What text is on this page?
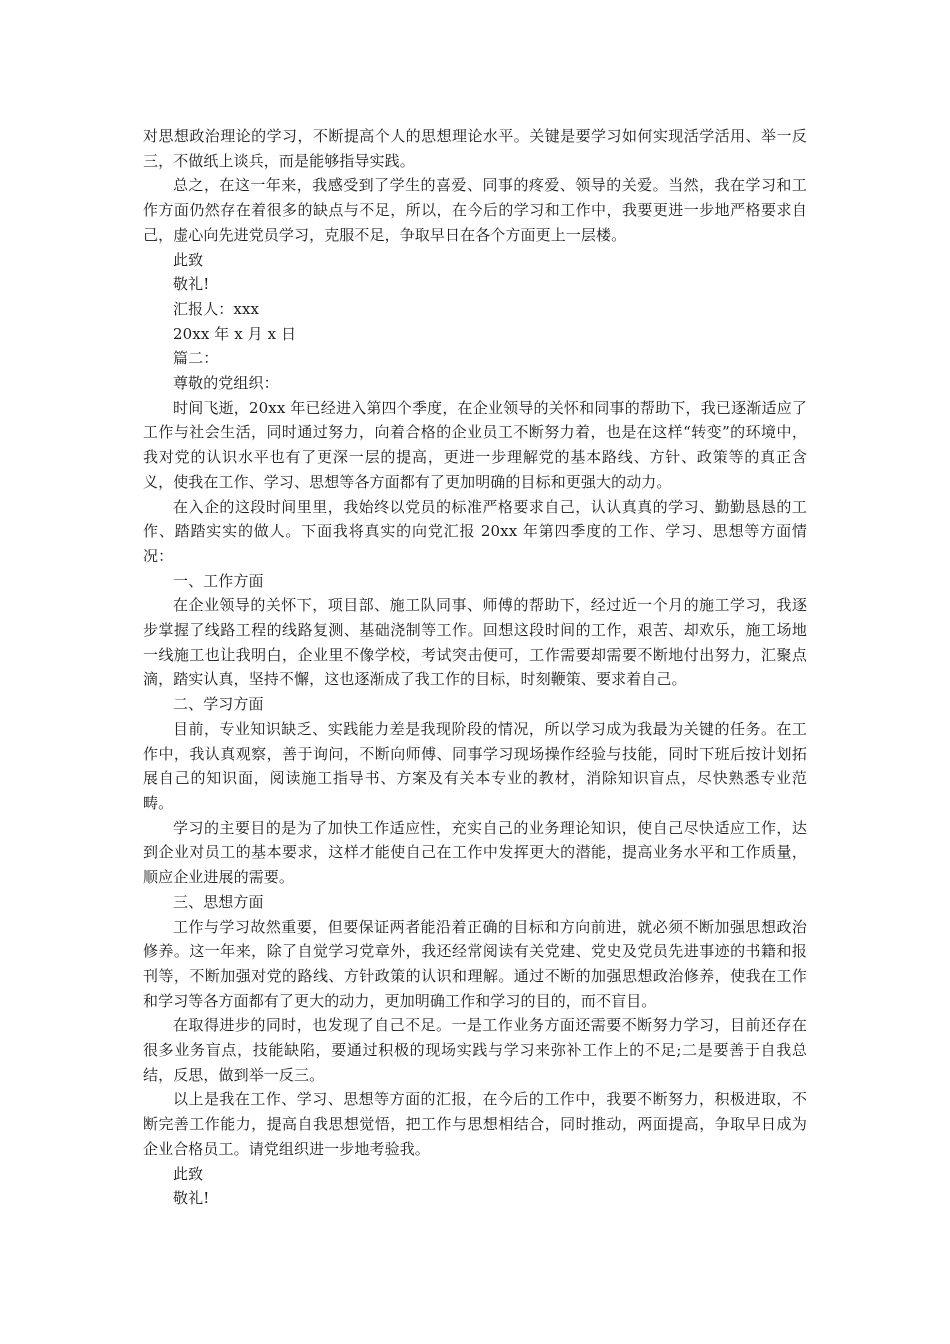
对思想政治理论的学习，不断提高个人的思想理论水平。关键是要学习如何实现活学活用、举一反三，不做纸上谈兵，而是能够指导实践。

总之，在这一年来，我感受到了学生的喜爱、同事的疼爱、领导的关爱。当然，我在学习和工作方面仍然存在着很多的缺点与不足，所以，在今后的学习和工作中，我要更进一步地严格要求自己，虚心向先进党员学习，克服不足，争取早日在各个方面更上一层楼。

此致

敬礼!

汇报人：xxx

20xx 年 x 月 x 日

篇二：

尊敬的党组织：

时间飞逝，20xx 年已经进入第四个季度，在企业领导的关怀和同事的帮助下，我已逐渐适应了工作与社会生活，同时通过努力，向着合格的企业员工不断努力着，也是在这样“转变”的环境中，我对党的认识水平也有了更深一层的提高，更进一步理解党的基本路线、方针、政策等的真正含义，使我在工作、学习、思想等各方面都有了更加明确的目标和更强大的动力。

在入企的这段时间里里，我始终以党员的标准严格要求自己，认认真真的学习、勤勤恳恳的工作、踏踏实实的做人。下面我将真实的向党汇报 20xx 年第四季度的工作、学习、思想等方面情况：

一、工作方面

在企业领导的关怀下，项目部、施工队同事、师傅的帮助下，经过近一个月的施工学习，我逐步掌握了线路工程的线路复测、基础浇制等工作。回想这段时间的工作，艰苦、却欢乐，施工场地一线施工也让我明白，企业里不像学校，考试突击便可，工作需要却需要不断地付出努力，汇聚点滴，踏实认真，坚持不懈，这也逐渐成了我工作的目标，时刻鞭策、要求着自己。

二、学习方面

目前，专业知识缺乏、实践能力差是我现阶段的情况，所以学习成为我最为关键的任务。在工作中，我认真观察，善于询问，不断向师傅、同事学习现场操作经验与技能，同时下班后按计划拓展自己的知识面，阅读施工指导书、方案及有关本专业的教材，消除知识盲点，尽快熟悉专业范畴。

学习的主要目的是为了加快工作适应性，充实自己的业务理论知识，使自己尽快适应工作，达到企业对员工的基本要求，这样才能使自己在工作中发挥更大的潜能，提高业务水平和工作质量，顺应企业进展的需要。

三、思想方面

工作与学习故然重要，但要保证两者能沿着正确的目标和方向前进，就必须不断加强思想政治修养。这一年来，除了自觉学习党章外，我还经常阅读有关党建、党史及党员先进事迹的书籍和报刊等，不断加强对党的路线、方针政策的认识和理解。通过不断的加强思想政治修养，使我在工作和学习等各方面都有了更大的动力，更加明确工作和学习的目的，而不盲目。

在取得进步的同时，也发现了自己不足。一是工作业务方面还需要不断努力学习，目前还存在很多业务盲点，技能缺陷，要通过积极的现场实践与学习来弥补工作上的不足;二是要善于自我总结，反思，做到举一反三。

以上是我在工作、学习、思想等方面的汇报，在今后的工作中，我要不断努力，积极进取，不断完善工作能力，提高自我思想觉悟，把工作与思想相结合，同时推动，两面提高，争取早日成为企业合格员工。请党组织进一步地考验我。

此致

敬礼!
